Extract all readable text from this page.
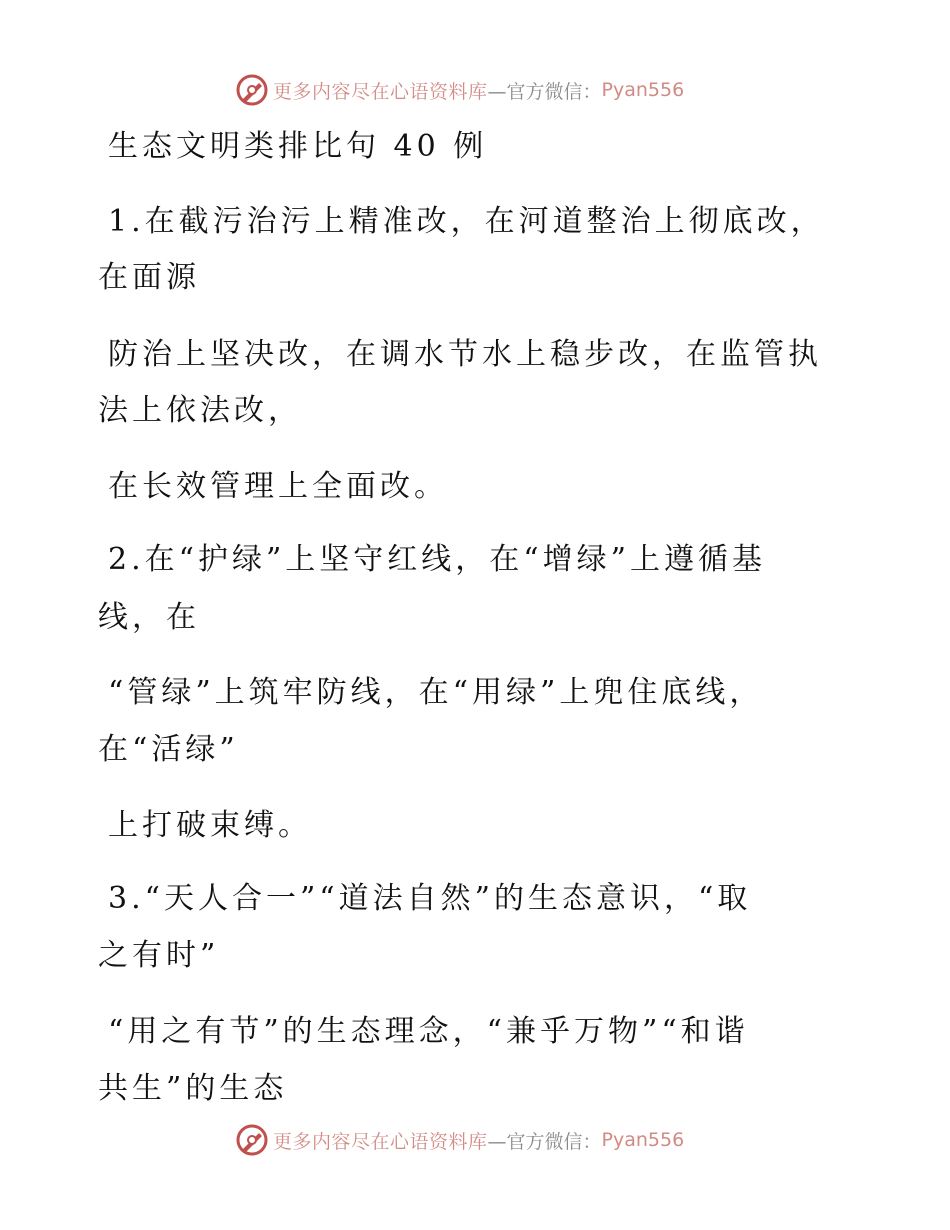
更多内容尽在心语资料库 —官方微信： Pyan556
生态文明类排比句 40 例
1.在截污治污上精准改，在河道整治上彻底改，
在面源
防治上坚决改，在调水节水上稳步改，在监管执
法上依法改，
在长效管理上全面改。
2.在“护绿”上坚守红线，在“增绿”上遵循基
线，在
“管绿”上筑牢防线，在“用绿”上兜住底线，
在“活绿”
上打破束缚。
3.“天人合一”“道法自然”的生态意识，“取
之有时”
“用之有节”的生态理念，“兼乎万物”“和谐
共生”的生态
更多内容尽在心语资料库 —官方微信： Pyan556
